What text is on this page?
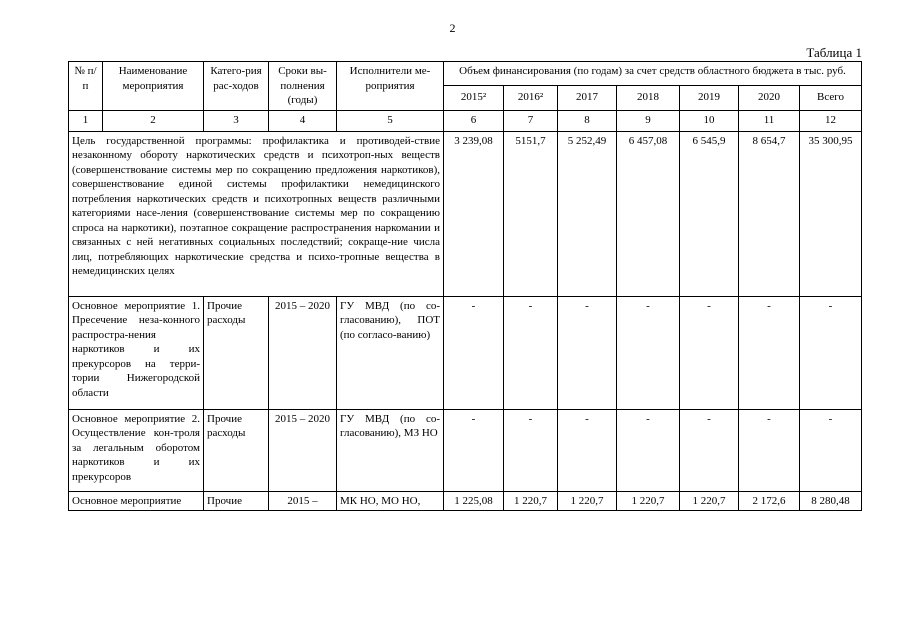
2
Таблица 1
№ п/п	Наименование мероприятия	Катего-рия рас-ходов	Сроки вы-полнения (годы)	Исполнители ме-роприятия	Объем финансирования (по годам) за счет средств областного бюджета в тыс. руб.						
					2015²	2016²	2017	2018	2019	2020	Всего
1	2	3	4	5	6	7	8	9	10	11	12
Цель государственной программы: профилактика и противодей-ствие незаконному обороту наркотических средств и психотроп-ных веществ (совершенствование системы мер по сокращению предложения наркотиков), совершенствование единой системы профилактики немедицинского потребления наркотических средств и психотропных веществ различными категориями насе-ления (совершенствование системы мер по сокращению спроса на наркотики), поэтапное сокращение распространения наркомании и связанных с ней негативных социальных последствий; сокраще-ние числа лиц, потребляющих наркотические средства и психо-тропные вещества в немедицинских целях					3 239,08	5151,7	5 252,49	6 457,08	6 545,9	8 654,7	35 300,95
Основное мероприятие 1. Пресечение неза-конного распростра-нения наркотиков и их прекурсоров на терри-тории Нижегородской области		Прочие расходы	2015 – 2020	ГУ МВД (по со-гласованию), ПОТ (по согласо-ванию)	-	-	-	-	-	-	-
Основное мероприятие 2. Осуществление кон-троля за легальным оборотом наркотиков и их прекурсоров		Прочие расходы	2015 – 2020	ГУ МВД (по со-гласованию), МЗ НО	-	-	-	-	-	-	-
Основное мероприятие		Прочие	2015 –	МК НО, МО НО,	1 225,08	1 220,7	1 220,7	1 220,7	1 220,7	2 172,6	8 280,48
